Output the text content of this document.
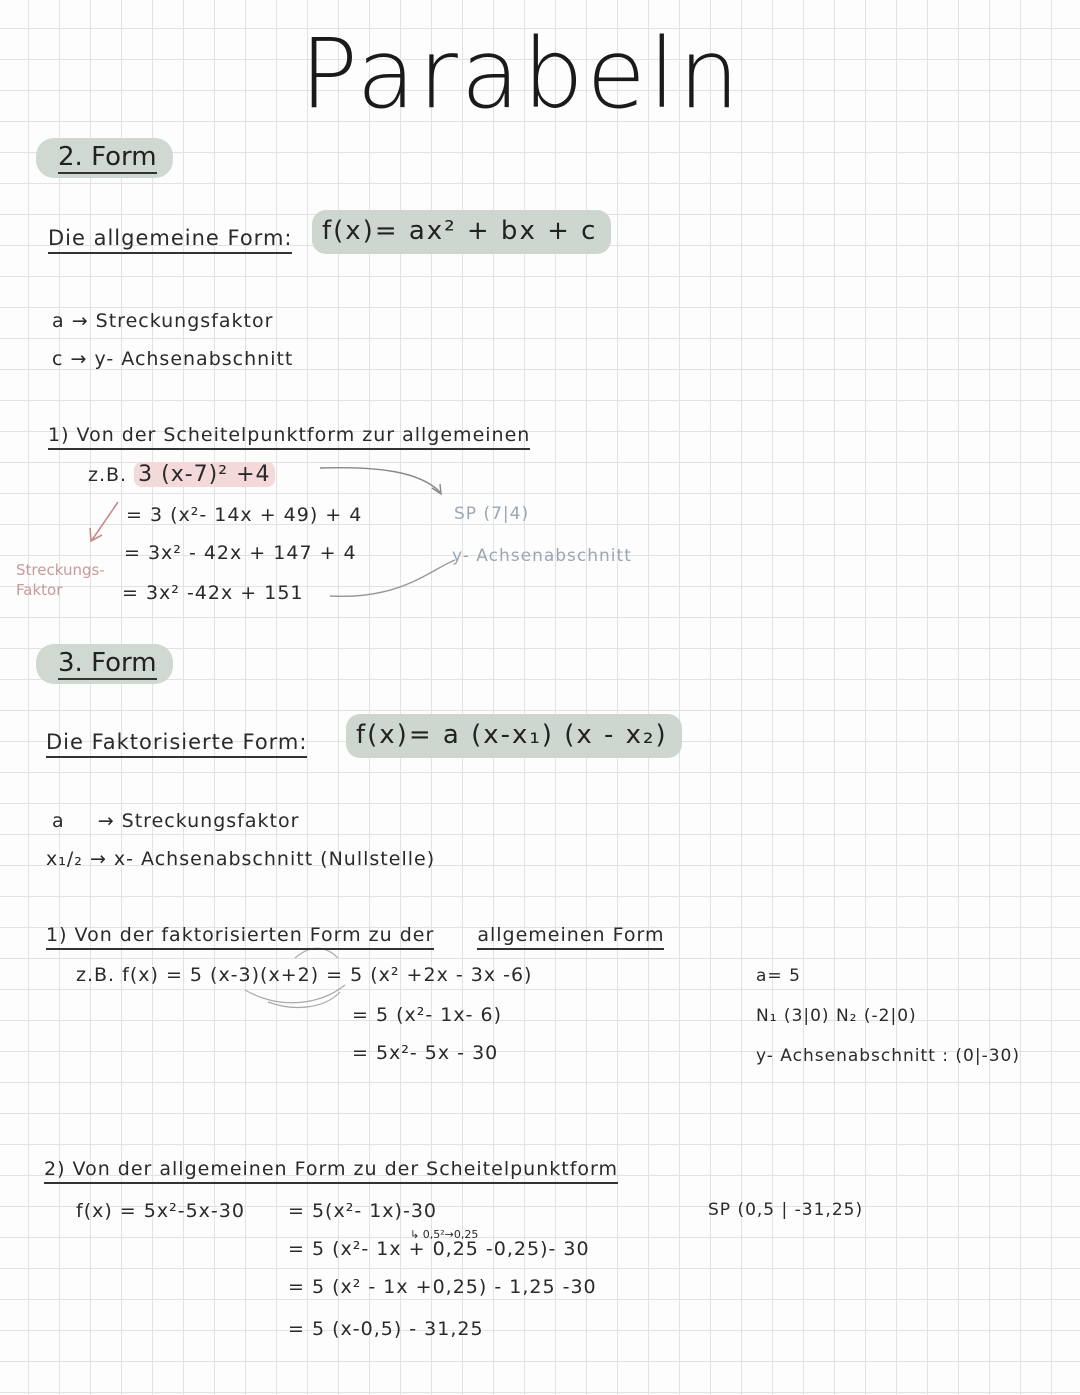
Parabeln
2. Form
Die allgemeine Form:	f(x)= ax² + bx + c
a → Streckungsfaktor
c → y- Achsenabschnitt
1) Von der Scheitelpunktform zur allgemeinen
z.B. 3 (x-7)² +4
= 3 (x²- 14x + 49) + 4
= 3x² - 42x + 147 + 4
= 3x² -42x + 151
Streckungs- Faktor
SP (7|4)
y- Achsenabschnitt
3. Form
Die Faktorisierte Form:	f(x)= a (x-x₁) (x - x₂)
a → Streckungsfaktor
x₁/₂ → x- Achsenabschnitt (Nullstelle)
1) Von der faktorisierten Form zu der allgemeinen Form
z.B. f(x) = 5 (x-3)(x+2) = 5 (x² +2x - 3x -6)
= 5 (x²- 1x- 6)
= 5x²- 5x - 30
a= 5
N₁ (3|0) N₂ (-2|0)
y- Achsenabschnitt : (0|-30)
2) Von der allgemeinen Form zu der Scheitelpunktform
f(x) = 5x²-5x-30 = 5(x²- 1x)-30
↳ 0,5²→0,25
= 5 (x²- 1x + 0,25 -0,25)- 30
= 5 (x² - 1x +0,25) - 1,25 -30
= 5 (x-0,5) - 31,25
SP (0,5 | -31,25)
